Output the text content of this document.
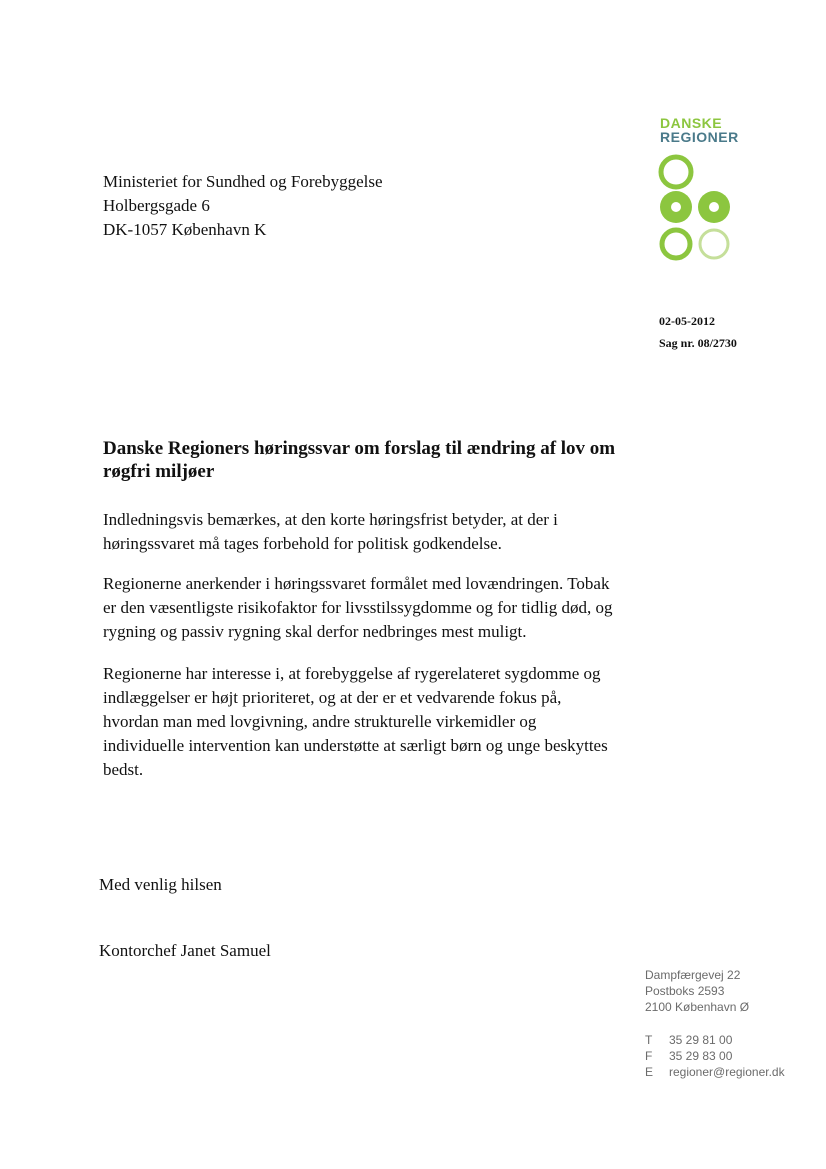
DANSKE
REGIONER
Ministeriet for Sundhed og Forebyggelse
Holbergsgade 6
DK-1057 København K
02-05-2012
Sag nr. 08/2730
Danske Regioners høringssvar om forslag til ændring af lov om røgfri miljøer
Indledningsvis bemærkes, at den korte høringsfrist betyder, at der i høringssvaret må tages forbehold for politisk godkendelse.
Regionerne anerkender i høringssvaret formålet med lovændringen. Tobak er den væsentligste risikofaktor for livsstilssygdomme og for tidlig død, og rygning og passiv rygning skal derfor nedbringes mest muligt.
Regionerne har interesse i, at forebyggelse af rygerelateret sygdomme og indlæggelser er højt prioriteret, og at der er et vedvarende fokus på, hvordan man med lovgivning, andre strukturelle virkemidler og individuelle intervention kan understøtte at særligt børn og unge beskyttes bedst.
Med venlig hilsen
Kontorchef Janet Samuel
Dampfærgevej 22
Postboks 2593
2100 København Ø
T 35 29 81 00
F 35 29 83 00
E regioner@regioner.dk
